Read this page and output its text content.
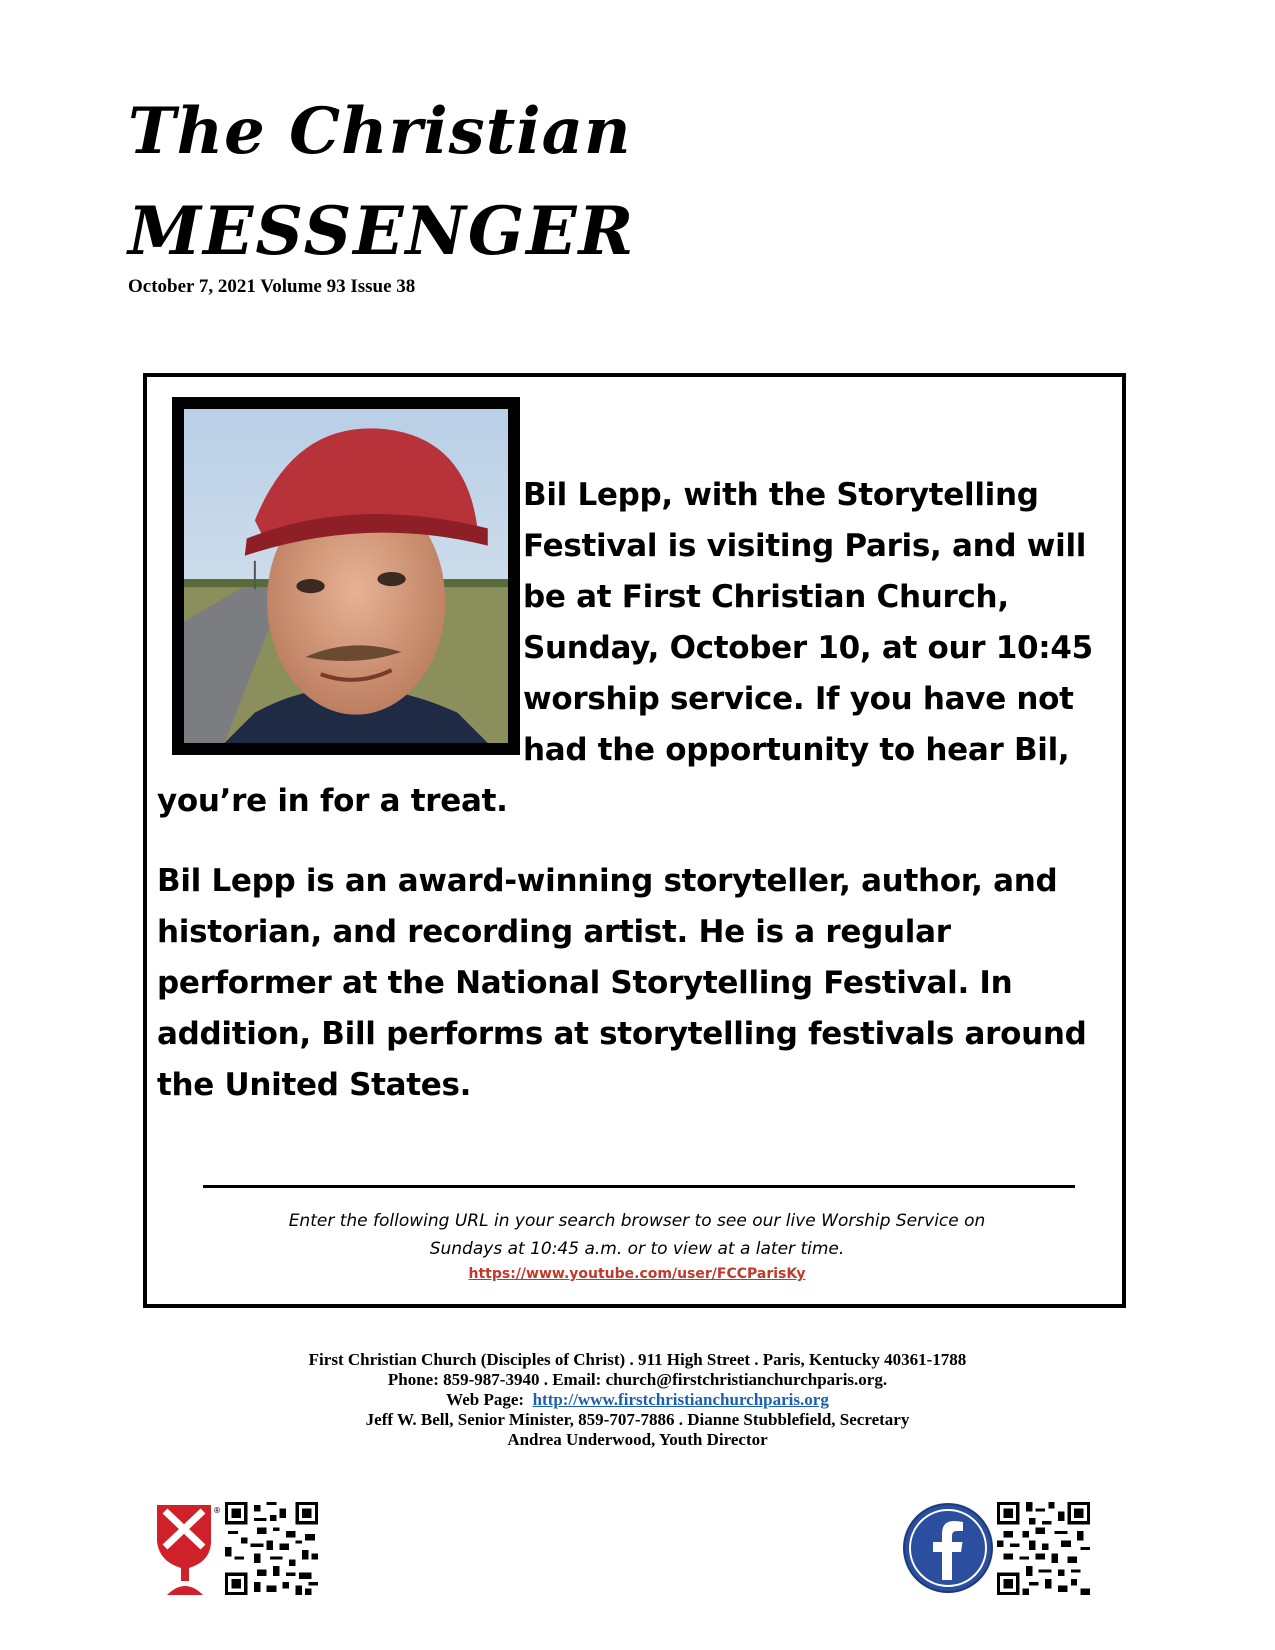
The Christian
MESSENGER
October 7, 2021 Volume 93 Issue 38

Bil Lepp, with the Storytelling Festival is visiting Paris, and will be at First Christian Church, Sunday, October 10, at our 10:45 worship service. If you have not had the opportunity to hear Bil, you’re in for a treat.

Bil Lepp is an award-winning storyteller, author, and historian, and recording artist. He is a regular performer at the National Storytelling Festival. In addition, Bill performs at storytelling festivals around the United States.

Enter the following URL in your search browser to see our live Worship Service on
Sundays at 10:45 a.m. or to view at a later time.
https://www.youtube.com/user/FCCParisKy
First Christian Church (Disciples of Christ) . 911 High Street . Paris, Kentucky 40361-1788
Phone: 859-987-3940 . Email: church@firstchristianchurchparis.org.
Web Page: http://www.firstchristianchurchparis.org
Jeff W. Bell, Senior Minister, 859-707-7886 . Dianne Stubblefield, Secretary
Andrea Underwood, Youth Director
®
